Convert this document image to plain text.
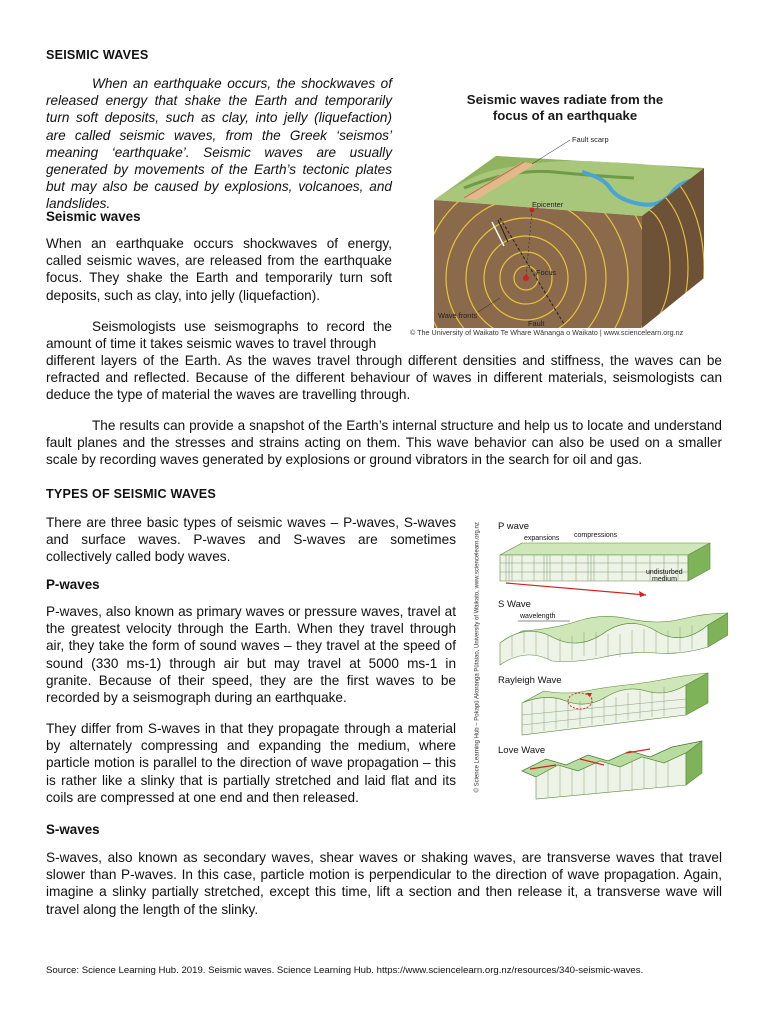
SEISMIC WAVES

When an earthquake occurs, the shockwaves of released energy that shake the Earth and temporarily turn soft deposits, such as clay, into jelly (liquefaction) are called seismic waves, from the Greek ‘seismos’ meaning ‘earthquake’. Seismic waves are usually generated by movements of the Earth’s tectonic plates but may also be caused by explosions, volcanoes, and landslides.

Seismic waves

When an earthquake occurs shockwaves of energy, called seismic waves, are released from the earthquake focus. They shake the Earth and temporarily turn soft deposits, such as clay, into jelly (liquefaction).

Seismologists use seismographs to record the amount of time it takes seismic waves to travel through

different layers of the Earth. As the waves travel through different densities and stiffness, the waves can be refracted and reflected. Because of the different behaviour of waves in different materials, seismologists can deduce the type of material the waves are travelling through.

The results can provide a snapshot of the Earth’s internal structure and help us to locate and understand fault planes and the stresses and strains acting on them. This wave behavior can also be used on a smaller scale by recording waves generated by explosions or ground vibrators in the search for oil and gas.

Seismic waves radiate from the
focus of an earthquake
Fault scarp
Epicenter
Focus
Wave fronts
Fault
© The University of Waikato Te Whare Wānanga o Waikato | www.sciencelearn.org.nz
TYPES OF SEISMIC WAVES

There are three basic types of seismic waves – P-waves, S-waves and surface waves. P-waves and S-waves are sometimes collectively called body waves.

P-waves

P-waves, also known as primary waves or pressure waves, travel at the greatest velocity through the Earth. When they travel through air, they take the form of sound waves – they travel at the speed of sound (330 ms-1) through air but may travel at 5000 ms-1 in granite. Because of their speed, they are the first waves to be recorded by a seismograph during an earthquake.

They differ from S-waves in that they propagate through a material by alternately compressing and expanding the medium, where particle motion is parallel to the direction of wave propagation – this is rather like a slinky that is partially stretched and laid flat and its coils are compressed at one end and then released.

S-waves

S-waves, also known as secondary waves, shear waves or shaking waves, are transverse waves that travel slower than P-waves. In this case, particle motion is perpendicular to the direction of wave propagation. Again, imagine a slinky partially stretched, except this time, lift a section and then release it, a transverse wave will travel along the length of the slinky.

© Science Learning Hub – Pokapū Akoranga Pūtaiao, University of Waikato, www.sciencelearn.org.nz P wave
expansions compressions
undisturbed
medium
S Wave
wavelength
Rayleigh Wave
Love Wave
Source: Science Learning Hub. 2019. Seismic waves. Science Learning Hub. https://www.sciencelearn.org.nz/resources/340-seismic-waves.
